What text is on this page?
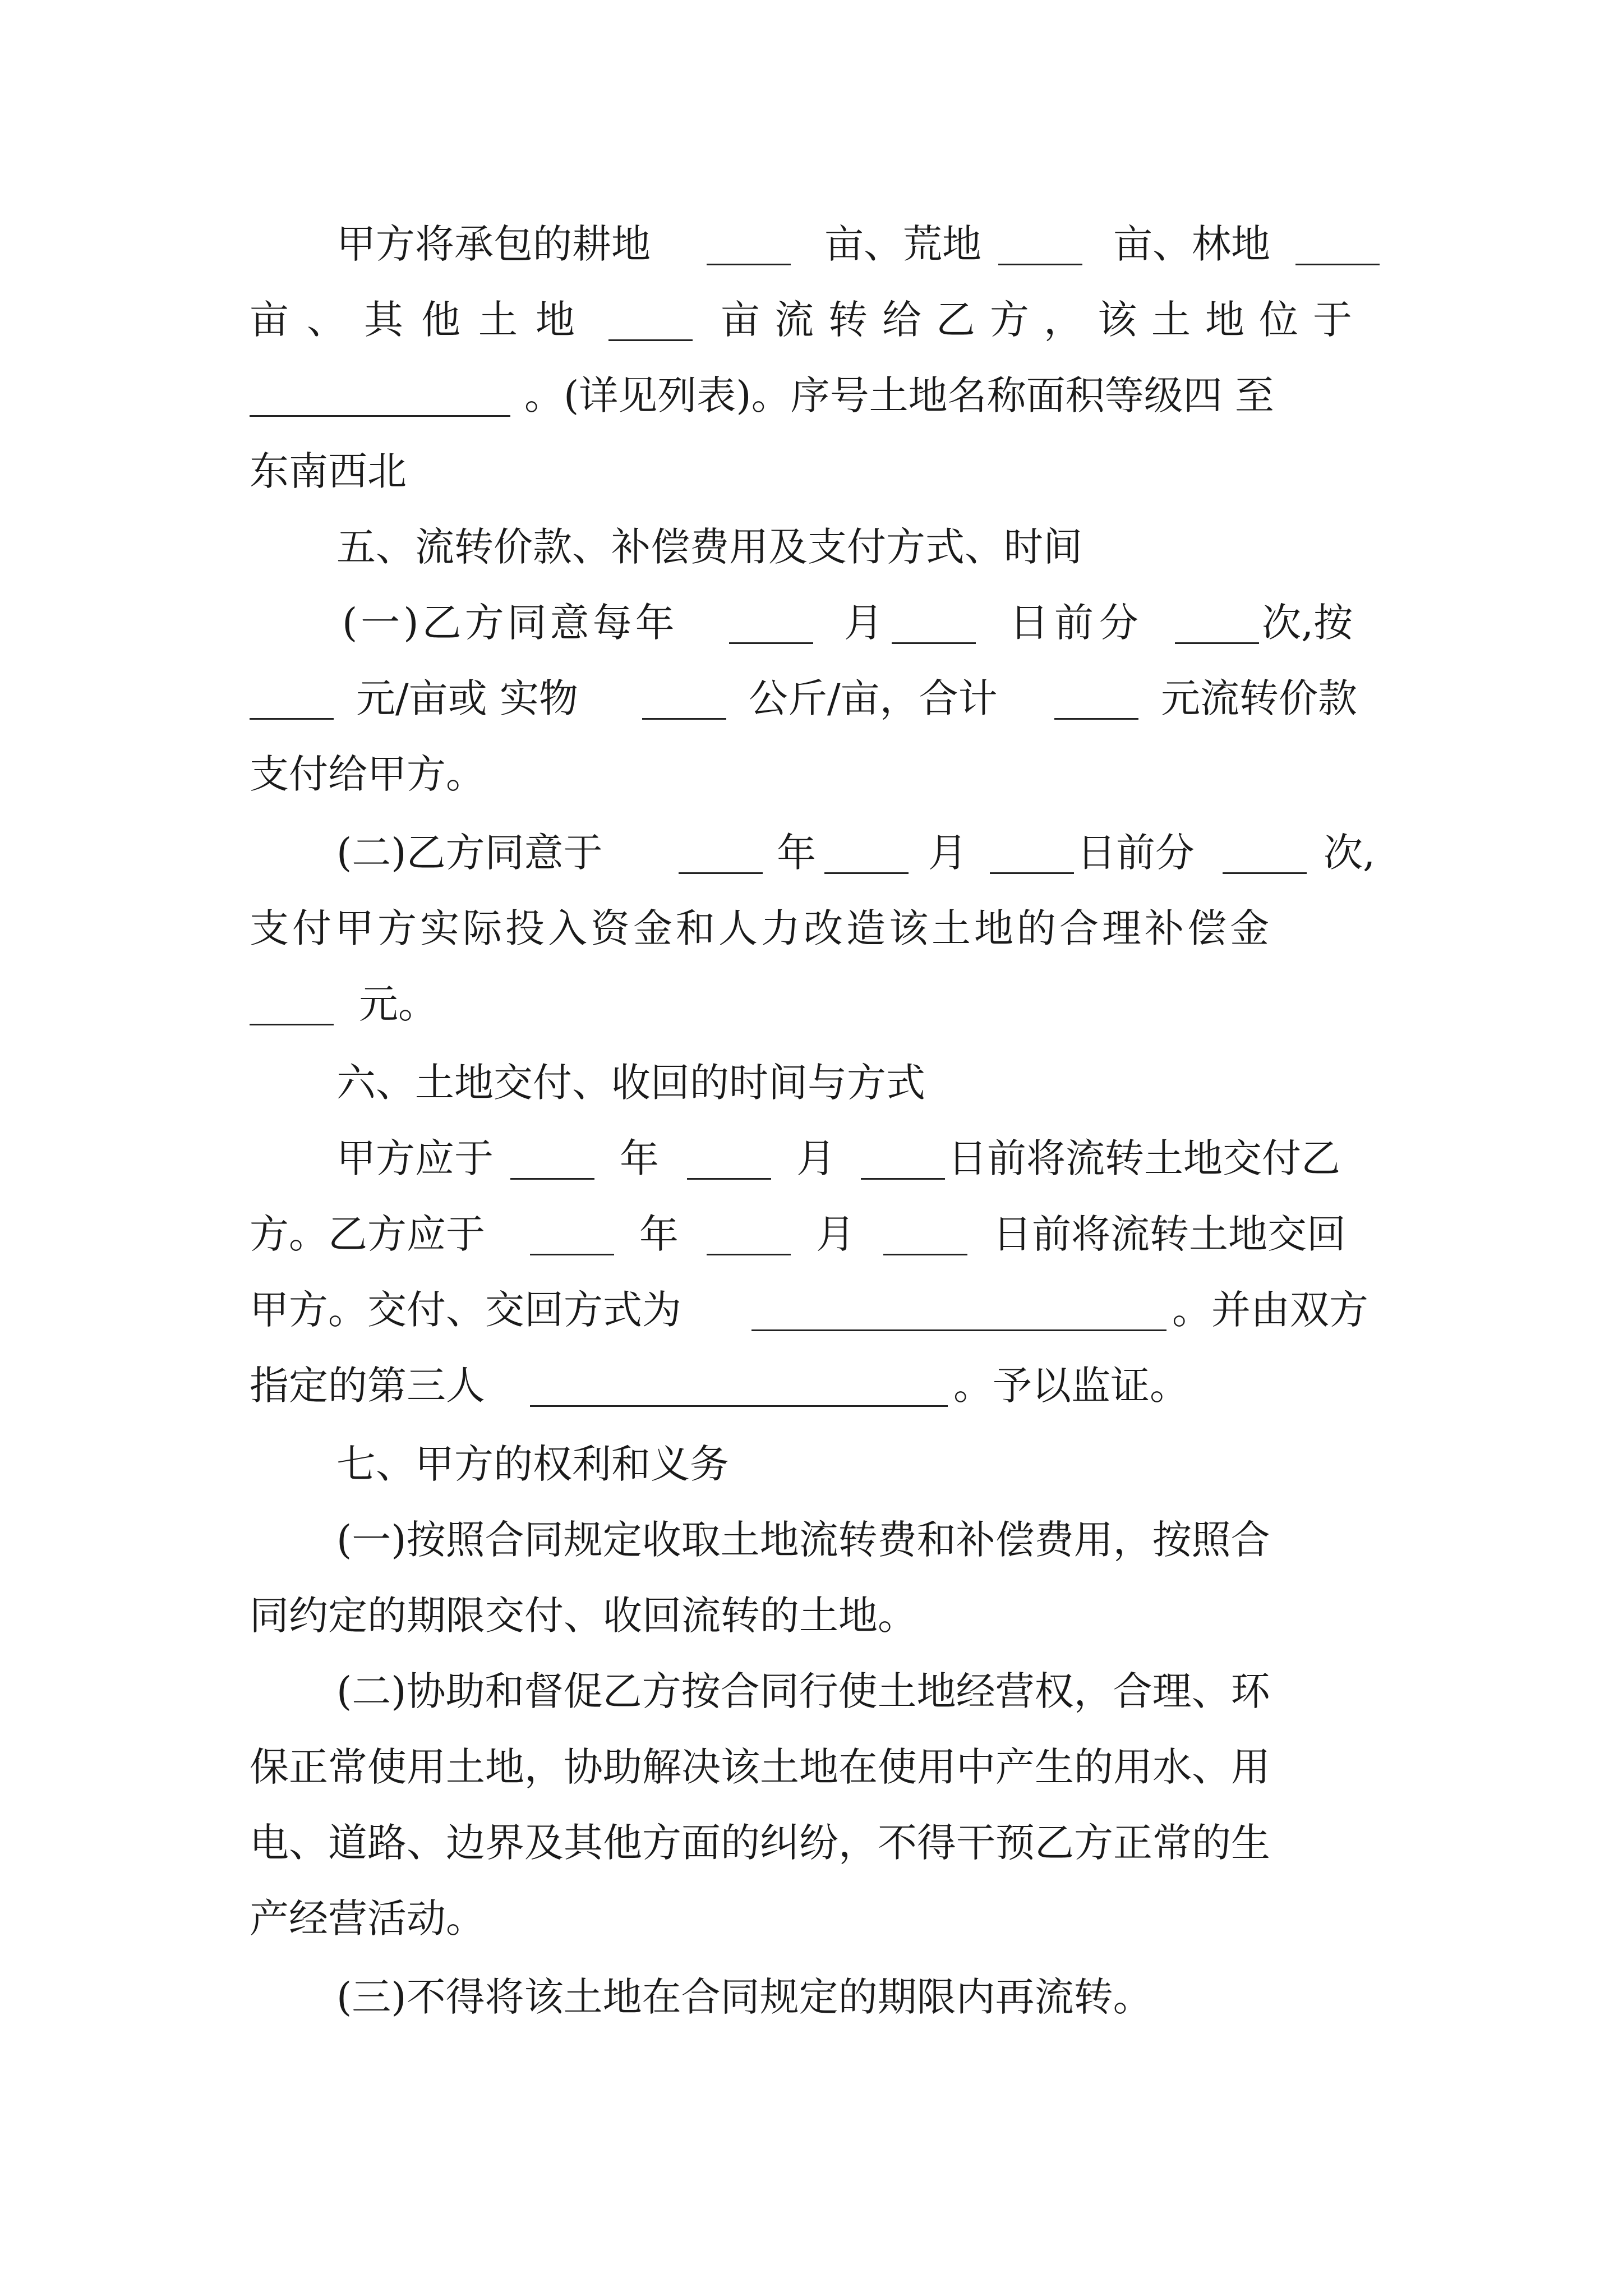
甲方将承包的耕地	亩、荒地	亩、林地
亩、其他土地	亩流转给乙方，该土地位于
。(详见列表)。序号土地名称面积等级四 至
东南西北
五、流转价款、补偿费用及支付方式、时间
(一)乙方同意每年	月	日前分	次,按
元/亩或 实物	公斤/亩，合计	元流转价款
支付给甲方。
(二)乙方同意于	年	月	日前分	次,
支付甲方实际投入资金和人力改造该土地的合理补偿金
元。
六、土地交付、收回的时间与方式
甲方应于	年	月	日前将流转土地交付乙
方。乙方应于	年	月	日前将流转土地交回
甲方。交付、交回方式为	。并由双方
指定的第三人	。予以监证。
七、甲方的权利和义务
(一)按照合同规定收取土地流转费和补偿费用，按照合
同约定的期限交付、收回流转的土地。
(二)协助和督促乙方按合同行使土地经营权，合理、环
保正常使用土地，协助解决该土地在使用中产生的用水、用
电、道路、边界及其他方面的纠纷，不得干预乙方正常的生
产经营活动。
(三)不得将该土地在合同规定的期限内再流转。
